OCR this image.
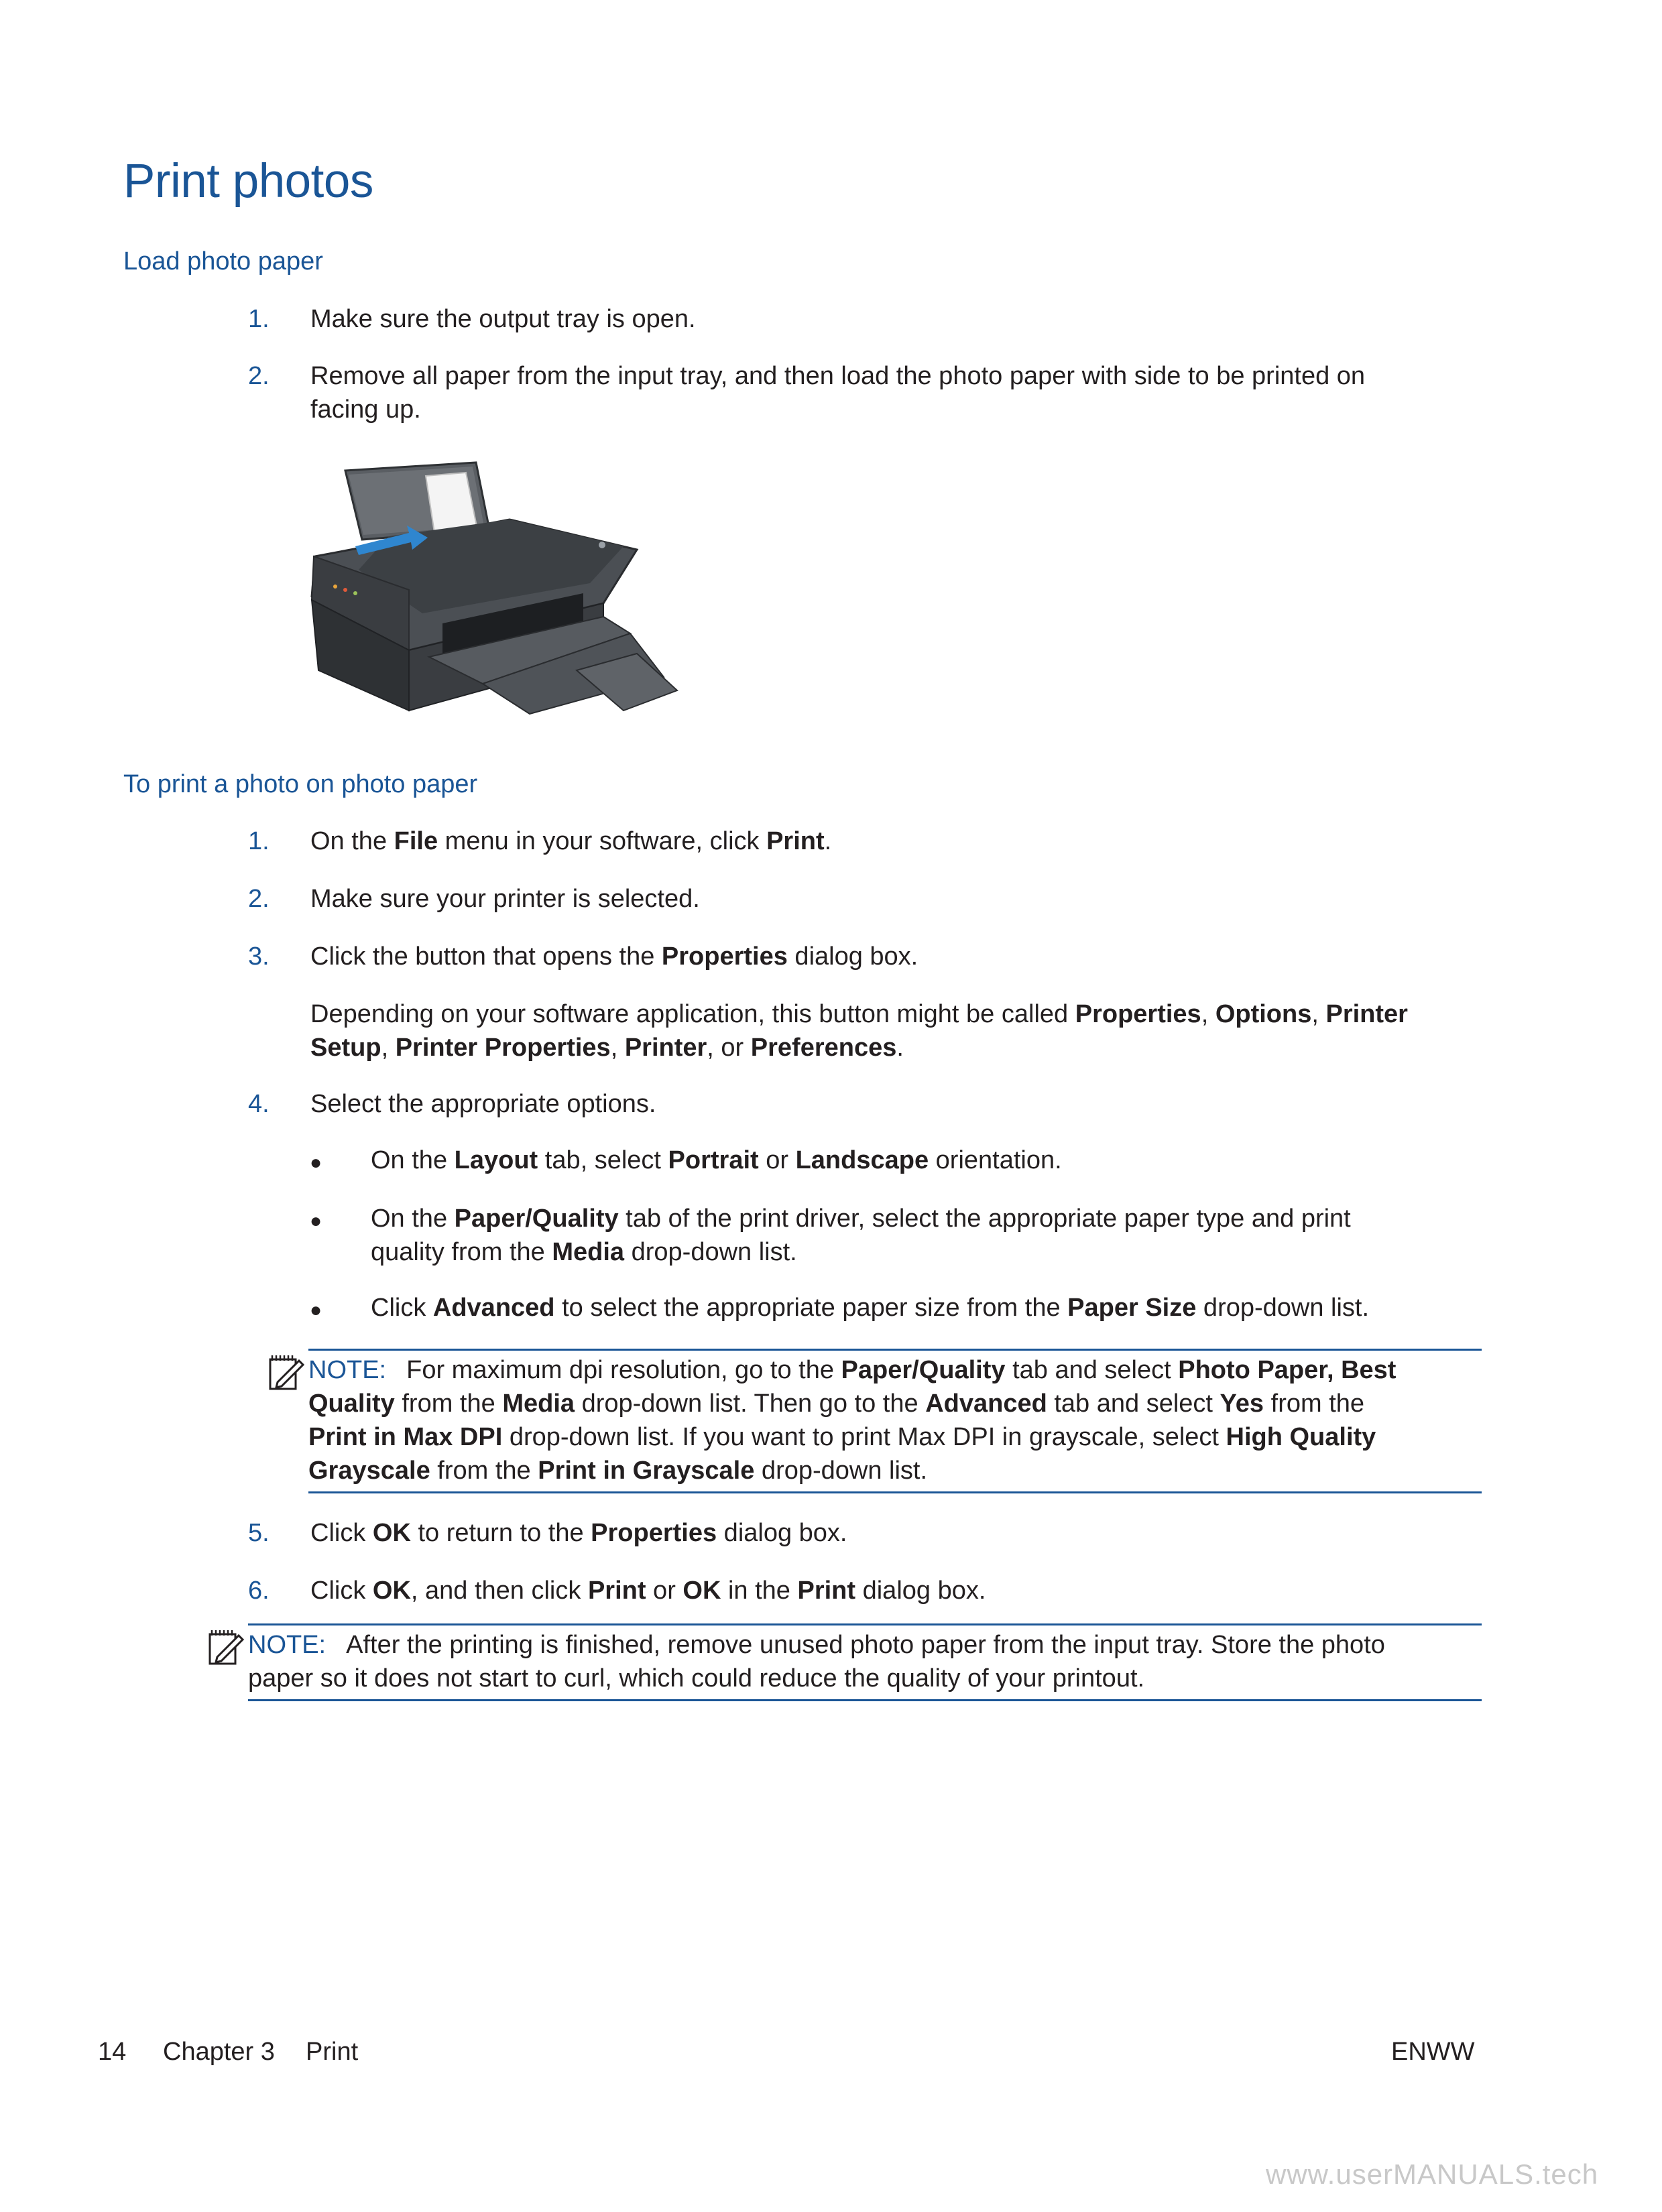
Print photos
Load photo paper
1. Make sure the output tray is open.
2. Remove all paper from the input tray, and then load the photo paper with side to be printed on
facing up.
To print a photo on photo paper
1. On the File menu in your software, click Print.
2. Make sure your printer is selected.
3. Click the button that opens the Properties dialog box.
Depending on your software application, this button might be called Properties, Options, Printer
Setup, Printer Properties, Printer, or Preferences.
4. Select the appropriate options.
● On the Layout tab, select Portrait or Landscape orientation.
● On the Paper/Quality tab of the print driver, select the appropriate paper type and print
quality from the Media drop-down list.
● Click Advanced to select the appropriate paper size from the Paper Size drop-down list.
NOTE: For maximum dpi resolution, go to the Paper/Quality tab and select Photo Paper, Best
Quality from the Media drop-down list. Then go to the Advanced tab and select Yes from the
Print in Max DPI drop-down list. If you want to print Max DPI in grayscale, select High Quality
Grayscale from the Print in Grayscale drop-down list.
5. Click OK to return to the Properties dialog box.
6. Click OK, and then click Print or OK in the Print dialog box.
NOTE: After the printing is finished, remove unused photo paper from the input tray. Store the photo
paper so it does not start to curl, which could reduce the quality of your printout.
14 Chapter 3 Print	ENWW
www.userMANUALS.tech
